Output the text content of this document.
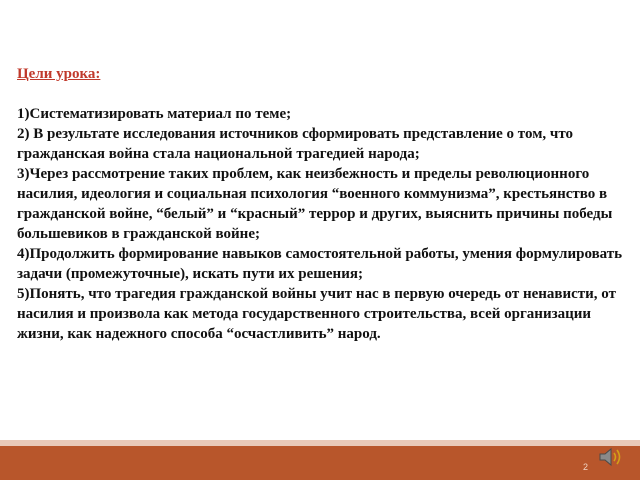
Цели урока:
1)Систематизировать материал по теме;
2) В результате исследования источников сформировать представление о том, что гражданская война стала национальной трагедией народа;
3)Через рассмотрение таких проблем, как неизбежность и пределы революционного насилия, идеология и социальная психология “военного коммунизма”, крестьянство в гражданской войне, “белый” и “красный” террор и других, выяснить причины победы большевиков в гражданской войне;
4)Продолжить формирование навыков самостоятельной работы, умения формулировать задачи (промежуточные), искать пути их решения;
5)Понять, что трагедия гражданской войны учит нас в первую очередь от ненависти, от насилия и произвола как метода государственного строительства, всей организации жизни, как надежного способа “осчастливить” народ.
2
